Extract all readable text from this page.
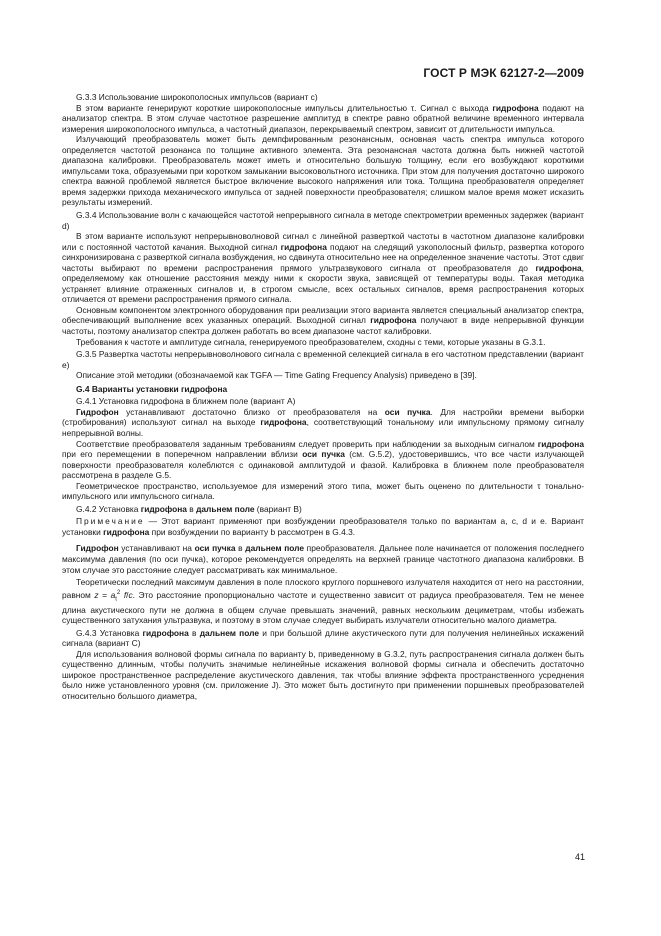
ГОСТ Р МЭК 62127-2—2009

G.3.3 Использование широкополосных импульсов (вариант c)

В этом варианте генерируют короткие широкополосные импульсы длительностью τ. Сигнал с выхода гидрофона подают на анализатор спектра. В этом случае частотное разрешение амплитуд в спектре равно обратной величине временного интервала измерения широкополосного импульса, а частотный диапазон, перекрываемый спектром, зависит от длительности импульса.

Излучающий преобразователь может быть демпфированным резонансным, основная часть спектра импульса которого определяется частотой резонанса по толщине активного элемента. Эта резонансная частота должна быть нижней частотой диапазона калибровки. Преобразователь может иметь и относительно большую толщину, если его возбуждают короткими импульсами тока, образуемыми при коротком замыкании высоковольтного источника. При этом для получения достаточно широкого спектра важной проблемой является быстрое включение высокого напряжения или тока. Толщина преобразователя определяет время задержки прихода механического импульса от задней поверхности преобразователя; слишком малое время может исказить результаты измерений.

G.3.4 Использование волн с качающейся частотой непрерывного сигнала в методе спектрометрии временных задержек (вариант d)

В этом варианте используют непрерывноволновой сигнал с линейной разверткой частоты в частотном диапазоне калибровки или с постоянной частотой качания. Выходной сигнал гидрофона подают на следящий узкополосный фильтр, развертка которого синхронизирована с разверткой сигнала возбуждения, но сдвинута относительно нее на определенное значение частоты. Этот сдвиг частоты выбирают по времени распространения прямого ультразвукового сигнала от преобразователя до гидрофона, определяемому как отношение расстояния между ними к скорости звука, зависящей от температуры воды. Такая методика устраняет влияние отраженных сигналов и, в строгом смысле, всех остальных сигналов, время распространения которых отличается от времени распространения прямого сигнала.

Основным компонентом электронного оборудования при реализации этого варианта является специальный анализатор спектра, обеспечивающий выполнение всех указанных операций. Выходной сигнал гидрофона получают в виде непрерывной функции частоты, поэтому анализатор спектра должен работать во всем диапазоне частот калибровки.

Требования к частоте и амплитуде сигнала, генерируемого преобразователем, сходны с теми, которые указаны в G.3.1.

G.3.5 Развертка частоты непрерывноволнового сигнала с временной селекцией сигнала в его частотном представлении (вариант e)

Описание этой методики (обозначаемой как TGFA — Time Gating Frequency Analysis) приведено в [39].

G.4 Варианты установки гидрофона

G.4.1 Установка гидрофона в ближнем поле (вариант A)

Гидрофон устанавливают достаточно близко от преобразователя на оси пучка. Для настройки времени выборки (стробирования) используют сигнал на выходе гидрофона, соответствующий тональному или импульсному прямому сигналу непрерывной волны.

Соответствие преобразователя заданным требованиям следует проверить при наблюдении за выходным сигналом гидрофона при его перемещении в поперечном направлении вблизи оси пучка (см. G.5.2), удостоверившись, что все части излучающей поверхности преобразователя колеблются с одинаковой амплитудой и фазой. Калибровка в ближнем поле преобразователя рассмотрена в разделе G.5.

Геометрическое пространство, используемое для измерений этого типа, может быть оценено по длительности τ тонально-импульсного или импульсного сигнала.

G.4.2 Установка гидрофона в дальнем поле (вариант B)

Примечание — Этот вариант применяют при возбуждении преобразователя только по вариантам a, c, d и e. Вариант установки гидрофона при возбуждении по варианту b рассмотрен в G.4.3.

Гидрофон устанавливают на оси пучка в дальнем поле преобразователя. Дальнее поле начинается от положения последнего максимума давления (по оси пучка), которое рекомендуется определять на верхней границе частотного диапазона калибровки. В этом случае это расстояние следует рассматривать как минимальное.

Теоретически последний максимум давления в поле плоского круглого поршневого излучателя находится от него на расстоянии, равном $z = a_t^2$ f/c. Это расстояние пропорционально частоте и существенно зависит от радиуса преобразователя. Тем не менее длина акустического пути не должна в общем случае превышать значений, равных нескольким дециметрам, чтобы избежать существенного затухания ультразвука, и поэтому в этом случае следует выбирать излучатели относительно малого диаметра.

G.4.3 Установка гидрофона в дальнем поле и при большой длине акустического пути для получения нелинейных искажений сигнала (вариант C)

Для использования волновой формы сигнала по варианту b, приведенному в G.3.2, путь распространения сигнала должен быть существенно длинным, чтобы получить значимые нелинейные искажения волновой формы сигнала и обеспечить достаточно широкое пространственное распределение акустического давления, так чтобы влияние эффекта пространственного усреднения было ниже установленного уровня (см. приложение J). Это может быть достигнуто при применении поршневых преобразователей относительно большого диаметра,

41
